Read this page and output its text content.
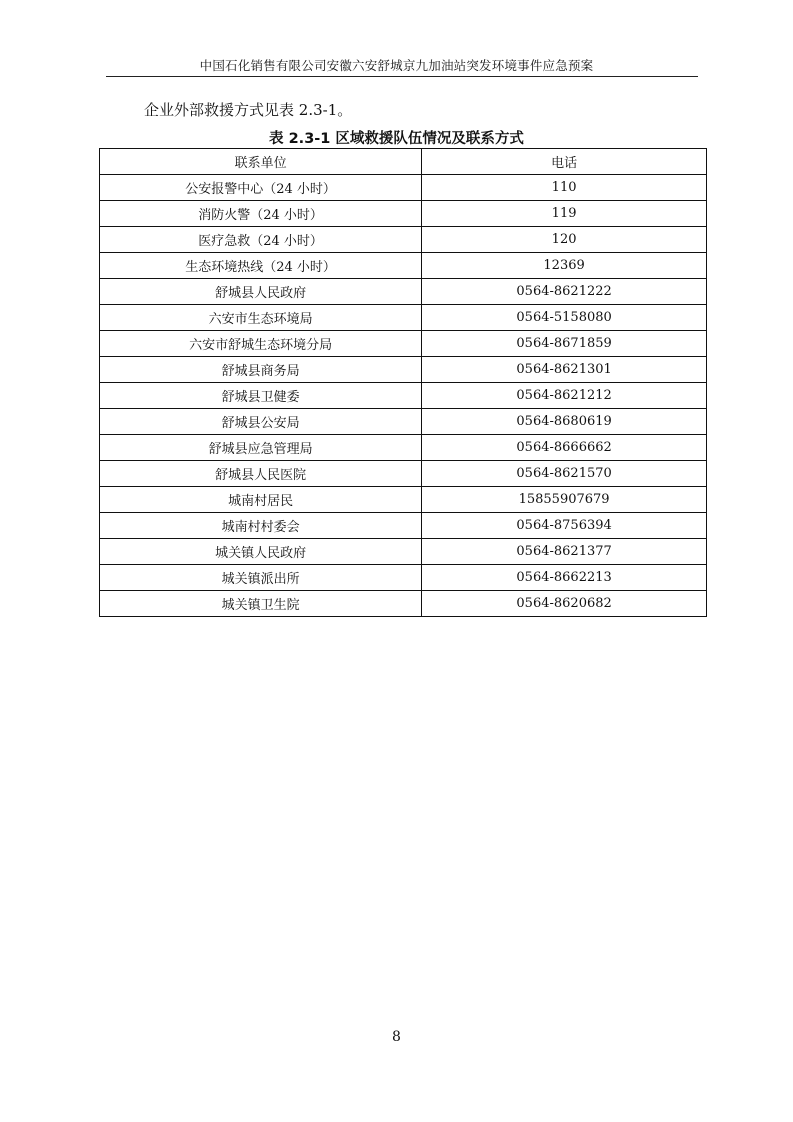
中国石化销售有限公司安徽六安舒城京九加油站突发环境事件应急预案
企业外部救援方式见表 2.3-1。
表 2.3-1 区域救援队伍情况及联系方式
联系单位	电话
公安报警中心（24 小时）	110
消防火警（24 小时）	119
医疗急救（24 小时）	120
生态环境热线（24 小时）	12369
舒城县人民政府	0564-8621222
六安市生态环境局	0564-5158080
六安市舒城生态环境分局	0564-8671859
舒城县商务局	0564-8621301
舒城县卫健委	0564-8621212
舒城县公安局	0564-8680619
舒城县应急管理局	0564-8666662
舒城县人民医院	0564-8621570
城南村居民	15855907679
城南村村委会	0564-8756394
城关镇人民政府	0564-8621377
城关镇派出所	0564-8662213
城关镇卫生院	0564-8620682
8
